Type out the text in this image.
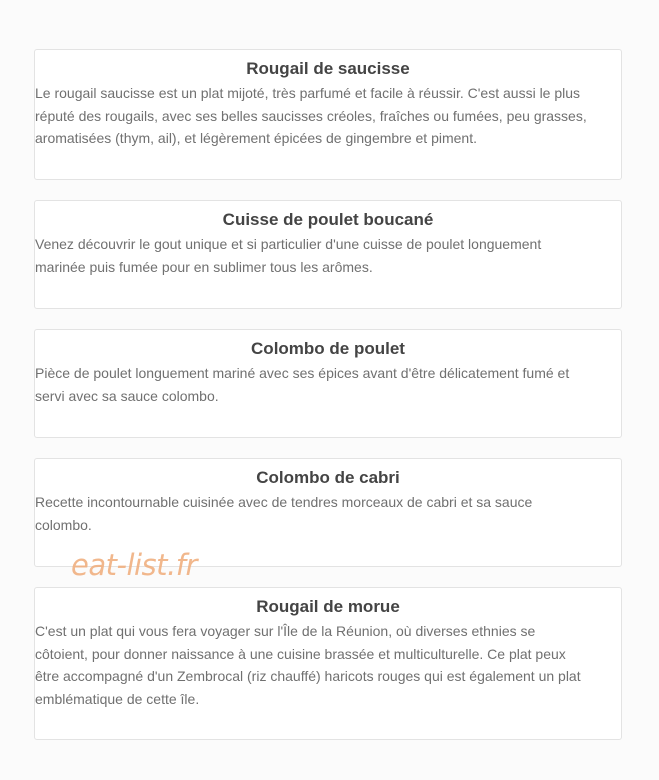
Rougail de saucisse

Le rougail saucisse est un plat mijoté, très parfumé et facile à réussir. C'est aussi le plus réputé des rougails, avec ses belles saucisses créoles, fraîches ou fumées, peu grasses, aromatisées (thym, ail), et légèrement épicées de gingembre et piment.

Cuisse de poulet boucané

Venez découvrir le gout unique et si particulier d'une cuisse de poulet longuement marinée puis fumée pour en sublimer tous les arômes.

Colombo de poulet

Pièce de poulet longuement mariné avec ses épices avant d'être délicatement fumé et servi avec sa sauce colombo.

Colombo de cabri

Recette incontournable cuisinée avec de tendres morceaux de cabri et sa sauce colombo.

Rougail de morue

C'est un plat qui vous fera voyager sur l'Île de la Réunion, où diverses ethnies se côtoient, pour donner naissance à une cuisine brassée et multiculturelle. Ce plat peux être accompagné d'un Zembrocal (riz chauffé) haricots rouges qui est également un plat emblématique de cette île.

eat-list.fr
